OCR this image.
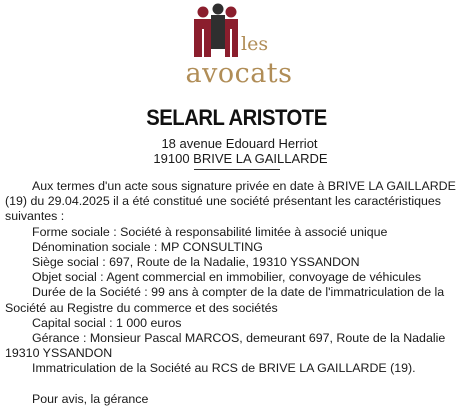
les
avocats
SELARL ARISTOTE
18 avenue Edouard Herriot
19100 BRIVE LA GAILLARDE

Aux termes d'un acte sous signature privée en date à BRIVE LA GAILLARDE (19) du 29.04.2025 il a été constitué une société présentant les caractéristiques suivantes :

Forme sociale : Société à responsabilité limitée à associé unique

Dénomination sociale : MP CONSULTING

Siège social : 697, Route de la Nadalie, 19310 YSSANDON

Objet social : Agent commercial en immobilier, convoyage de véhicules

Durée de la Société : 99 ans à compter de la date de l'immatriculation de la Société au Registre du commerce et des sociétés

Capital social : 1 000 euros

Gérance : Monsieur Pascal MARCOS, demeurant 697, Route de la Nadalie 19310 YSSANDON

Immatriculation de la Société au RCS de BRIVE LA GAILLARDE (19).

Pour avis, la gérance
